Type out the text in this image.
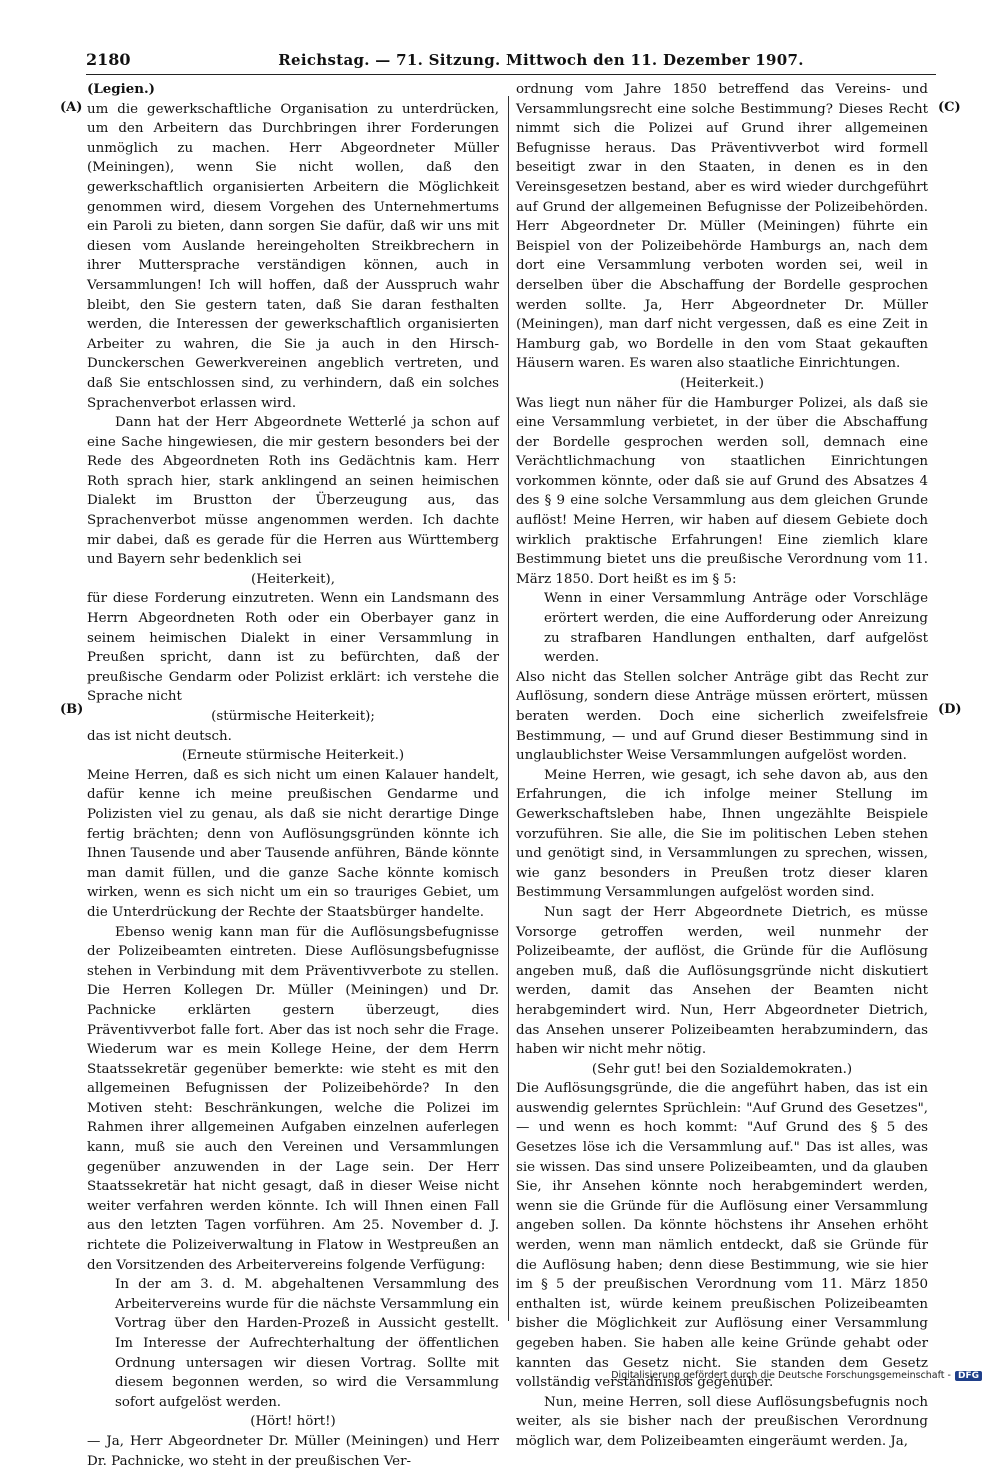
2180	Reichstag. — 71. Sitzung. Mittwoch den 11. Dezember 1907.
(A)
(B)
(C)
(D)

(Legien.)

um die gewerkschaftliche Organisation zu unterdrücken, um den Arbeitern das Durchbringen ihrer Forderungen unmöglich zu machen. Herr Abgeordneter Müller (Meiningen), wenn Sie nicht wollen, daß den gewerkschaftlich organisierten Arbeitern die Möglichkeit genommen wird, diesem Vorgehen des Unternehmertums ein Paroli zu bieten, dann sorgen Sie dafür, daß wir uns mit diesen vom Auslande hereingeholten Streikbrechern in ihrer Muttersprache verständigen können, auch in Versammlungen! Ich will hoffen, daß der Ausspruch wahr bleibt, den Sie gestern taten, daß Sie daran festhalten werden, die Interessen der gewerkschaftlich organisierten Arbeiter zu wahren, die Sie ja auch in den Hirsch-Dunckerschen Gewerkvereinen angeblich vertreten, und daß Sie entschlossen sind, zu verhindern, daß ein solches Sprachenverbot erlassen wird.

Dann hat der Herr Abgeordnete Wetterlé ja schon auf eine Sache hingewiesen, die mir gestern besonders bei der Rede des Abgeordneten Roth ins Gedächtnis kam. Herr Roth sprach hier, stark anklingend an seinen heimischen Dialekt im Brustton der Überzeugung aus, das Sprachenverbot müsse angenommen werden. Ich dachte mir dabei, daß es gerade für die Herren aus Württemberg und Bayern sehr bedenklich sei

(Heiterkeit),

für diese Forderung einzutreten. Wenn ein Landsmann des Herrn Abgeordneten Roth oder ein Oberbayer ganz in seinem heimischen Dialekt in einer Versammlung in Preußen spricht, dann ist zu befürchten, daß der preußische Gendarm oder Polizist erklärt: ich verstehe die Sprache nicht

(stürmische Heiterkeit);

das ist nicht deutsch.

(Erneute stürmische Heiterkeit.)

Meine Herren, daß es sich nicht um einen Kalauer handelt, dafür kenne ich meine preußischen Gendarme und Polizisten viel zu genau, als daß sie nicht derartige Dinge fertig brächten; denn von Auflösungsgründen könnte ich Ihnen Tausende und aber Tausende anführen, Bände könnte man damit füllen, und die ganze Sache könnte komisch wirken, wenn es sich nicht um ein so trauriges Gebiet, um die Unterdrückung der Rechte der Staatsbürger handelte.

Ebenso wenig kann man für die Auflösungsbefugnisse der Polizeibeamten eintreten. Diese Auflösungsbefugnisse stehen in Verbindung mit dem Präventivverbote zu stellen. Die Herren Kollegen Dr. Müller (Meiningen) und Dr. Pachnicke erklärten gestern überzeugt, dies Präventivverbot falle fort. Aber das ist noch sehr die Frage. Wiederum war es mein Kollege Heine, der dem Herrn Staatssekretär gegenüber bemerkte: wie steht es mit den allgemeinen Befugnissen der Polizeibehörde? In den Motiven steht: Beschränkungen, welche die Polizei im Rahmen ihrer allgemeinen Aufgaben einzelnen auferlegen kann, muß sie auch den Vereinen und Versammlungen gegenüber anzuwenden in der Lage sein. Der Herr Staatssekretär hat nicht gesagt, daß in dieser Weise nicht weiter verfahren werden könnte. Ich will Ihnen einen Fall aus den letzten Tagen vorführen. Am 25. November d. J. richtete die Polizeiverwaltung in Flatow in Westpreußen an den Vorsitzenden des Arbeitervereins folgende Verfügung:

In der am 3. d. M. abgehaltenen Versammlung des Arbeitervereins wurde für die nächste Versammlung ein Vortrag über den Harden-Prozeß in Aussicht gestellt. Im Interesse der Aufrechterhaltung der öffentlichen Ordnung untersagen wir diesen Vortrag. Sollte mit diesem begonnen werden, so wird die Versammlung sofort aufgelöst werden.

(Hört! hört!)

— Ja, Herr Abgeordneter Dr. Müller (Meiningen) und Herr Dr. Pachnicke, wo steht in der preußischen Ver-

ordnung vom Jahre 1850 betreffend das Vereins- und Versammlungsrecht eine solche Bestimmung? Dieses Recht nimmt sich die Polizei auf Grund ihrer allgemeinen Befugnisse heraus. Das Präventivverbot wird formell beseitigt zwar in den Staaten, in denen es in den Vereinsgesetzen bestand, aber es wird wieder durchgeführt auf Grund der allgemeinen Befugnisse der Polizeibehörden. Herr Abgeordneter Dr. Müller (Meiningen) führte ein Beispiel von der Polizeibehörde Hamburgs an, nach dem dort eine Versammlung verboten worden sei, weil in derselben über die Abschaffung der Bordelle gesprochen werden sollte. Ja, Herr Abgeordneter Dr. Müller (Meiningen), man darf nicht vergessen, daß es eine Zeit in Hamburg gab, wo Bordelle in den vom Staat gekauften Häusern waren. Es waren also staatliche Einrichtungen.

(Heiterkeit.)

Was liegt nun näher für die Hamburger Polizei, als daß sie eine Versammlung verbietet, in der über die Abschaffung der Bordelle gesprochen werden soll, demnach eine Verächtlichmachung von staatlichen Einrichtungen vorkommen könnte, oder daß sie auf Grund des Absatzes 4 des § 9 eine solche Versammlung aus dem gleichen Grunde auflöst! Meine Herren, wir haben auf diesem Gebiete doch wirklich praktische Erfahrungen! Eine ziemlich klare Bestimmung bietet uns die preußische Verordnung vom 11. März 1850. Dort heißt es im § 5:

Wenn in einer Versammlung Anträge oder Vorschläge erörtert werden, die eine Aufforderung oder Anreizung zu strafbaren Handlungen enthalten, darf aufgelöst werden.

Also nicht das Stellen solcher Anträge gibt das Recht zur Auflösung, sondern diese Anträge müssen erörtert, müssen beraten werden. Doch eine sicherlich zweifelsfreie Bestimmung, — und auf Grund dieser Bestimmung sind in unglaublichster Weise Versammlungen aufgelöst worden.

Meine Herren, wie gesagt, ich sehe davon ab, aus den Erfahrungen, die ich infolge meiner Stellung im Gewerkschaftsleben habe, Ihnen ungezählte Beispiele vorzuführen. Sie alle, die Sie im politischen Leben stehen und genötigt sind, in Versammlungen zu sprechen, wissen, wie ganz besonders in Preußen trotz dieser klaren Bestimmung Versammlungen aufgelöst worden sind.

Nun sagt der Herr Abgeordnete Dietrich, es müsse Vorsorge getroffen werden, weil nunmehr der Polizeibeamte, der auflöst, die Gründe für die Auflösung angeben muß, daß die Auflösungsgründe nicht diskutiert werden, damit das Ansehen der Beamten nicht herabgemindert wird. Nun, Herr Abgeordneter Dietrich, das Ansehen unserer Polizeibeamten herabzumindern, das haben wir nicht mehr nötig.

(Sehr gut! bei den Sozialdemokraten.)

Die Auflösungsgründe, die die angeführt haben, das ist ein auswendig gelerntes Sprüchlein: "Auf Grund des Gesetzes", — und wenn es hoch kommt: "Auf Grund des § 5 des Gesetzes löse ich die Versammlung auf." Das ist alles, was sie wissen. Das sind unsere Polizeibeamten, und da glauben Sie, ihr Ansehen könnte noch herabgemindert werden, wenn sie die Gründe für die Auflösung einer Versammlung angeben sollen. Da könnte höchstens ihr Ansehen erhöht werden, wenn man nämlich entdeckt, daß sie Gründe für die Auflösung haben; denn diese Bestimmung, wie sie hier im § 5 der preußischen Verordnung vom 11. März 1850 enthalten ist, würde keinem preußischen Polizeibeamten bisher die Möglichkeit zur Auflösung einer Versammlung gegeben haben. Sie haben alle keine Gründe gehabt oder kannten das Gesetz nicht. Sie standen dem Gesetz vollständig verständnislos gegenüber.

Nun, meine Herren, soll diese Auflösungsbefugnis noch weiter, als sie bisher nach der preußischen Verordnung möglich war, dem Polizeibeamten eingeräumt werden. Ja,

Digitalisierung gefördert durch die Deutsche Forschungsgemeinschaft - DFG
